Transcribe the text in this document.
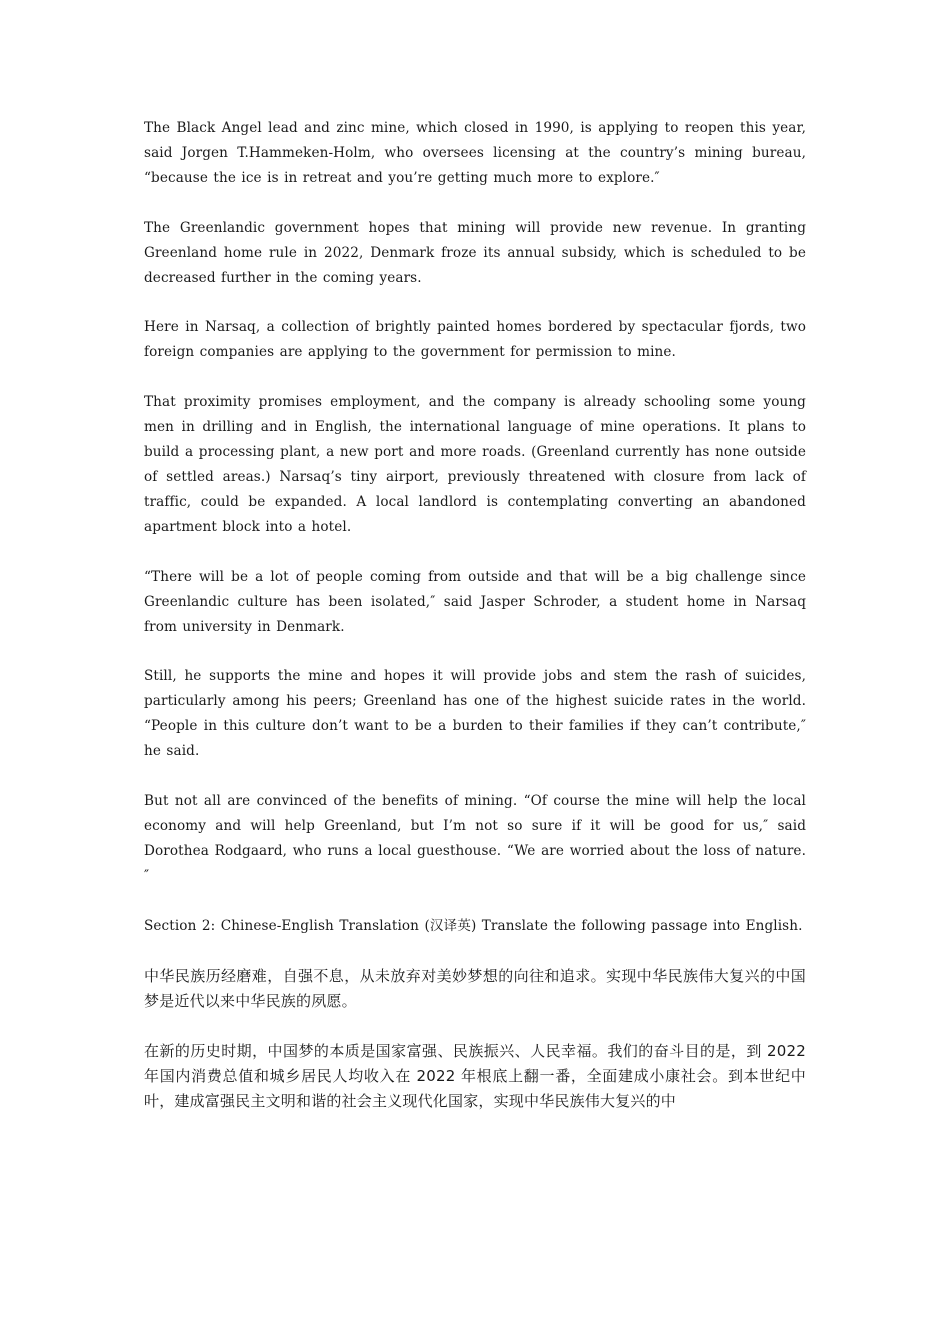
The Black Angel lead and zinc mine, which closed in 1990, is applying to reopen this year, said Jorgen T.Hammeken-Holm, who oversees licensing at the country’s mining bureau, “because the ice is in retreat and you’re getting much more to explore.″

The Greenlandic government hopes that mining will provide new revenue. In granting Greenland home rule in 2022, Denmark froze its annual subsidy, which is scheduled to be decreased further in the coming years.

Here in Narsaq, a collection of brightly painted homes bordered by spectacular fjords, two foreign companies are applying to the government for permission to mine.

That proximity promises employment, and the company is already schooling some young men in drilling and in English, the international language of mine operations. It plans to build a processing plant, a new port and more roads. (Greenland currently has none outside of settled areas.) Narsaq’s tiny airport, previously threatened with closure from lack of traffic, could be expanded. A local landlord is contemplating converting an abandoned apartment block into a hotel.

“There will be a lot of people coming from outside and that will be a big challenge since Greenlandic culture has been isolated,″ said Jasper Schroder, a student home in Narsaq from university in Denmark.

Still, he supports the mine and hopes it will provide jobs and stem the rash of suicides, particularly among his peers; Greenland has one of the highest suicide rates in the world. “People in this culture don’t want to be a burden to their families if they can’t contribute,″ he said.

But not all are convinced of the benefits of mining. “Of course the mine will help the local economy and will help Greenland, but I’m not so sure if it will be good for us,″ said Dorothea Rodgaard, who runs a local guesthouse. “We are worried about the loss of nature.″

Section 2: Chinese-English Translation (汉译英) Translate the following passage into English.

中华民族历经磨难，自强不息，从未放弃对美妙梦想的向往和追求。实现中华民族伟大复兴的中国梦是近代以来中华民族的夙愿。

在新的历史时期，中国梦的本质是国家富强、民族振兴、人民幸福。我们的奋斗目的是，到 2022 年国内消费总值和城乡居民人均收入在 2022 年根底上翻一番，全面建成小康社会。到本世纪中叶，建成富强民主文明和谐的社会主义现代化国家，实现中华民族伟大复兴的中
